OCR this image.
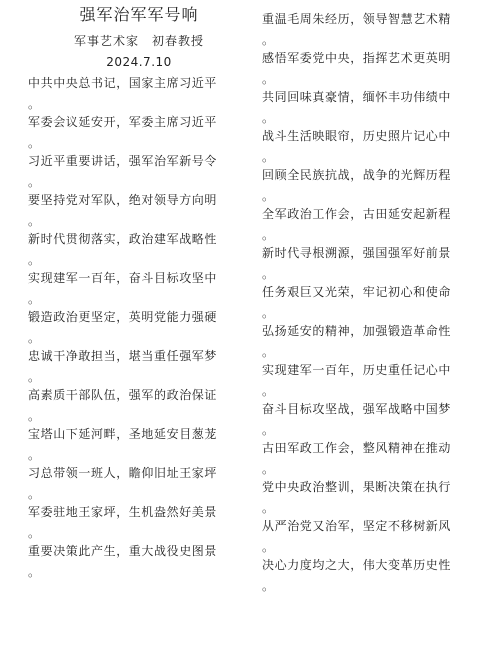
强军治军军号响
军事艺术家　初春教授
2024.7.10
中共中央总书记，国家主席习近平
。
军委会议延安开，军委主席习近平
。
习近平重要讲话，强军治军新号令
。
要坚持党对军队，绝对领导方向明
。
新时代贯彻落实，政治建军战略性
。
实现建军一百年，奋斗目标攻坚中
。
锻造政治更坚定，英明党能力强硬
。
忠诚干净敢担当，堪当重任强军梦
。
高素质干部队伍，强军的政治保证
。
宝塔山下延河畔，圣地延安目葱茏
。
习总带领一班人，瞻仰旧址王家坪
。
军委驻地王家坪，生机盎然好美景
。
重要决策此产生，重大战役史图景
。
重温毛周朱经历，领导智慧艺术精
。
感悟军委党中央，指挥艺术更英明
。
共同回味真豪情，缅怀丰功伟绩中
。
战斗生活映眼帘，历史照片记心中
。
回顾全民族抗战，战争的光辉历程
。
全军政治工作会，古田延安起新程
。
新时代寻根溯源，强国强军好前景
。
任务艰巨又光荣，牢记初心和使命
。
弘扬延安的精神，加强锻造革命性
。
实现建军一百年，历史重任记心中
。
奋斗目标攻坚战，强军战略中国梦
。
古田军政工作会，整风精神在推动
。
党中央政治整训，果断决策在执行
。
从严治党又治军，坚定不移树新风
。
决心力度均之大，伟大变革历史性
。
